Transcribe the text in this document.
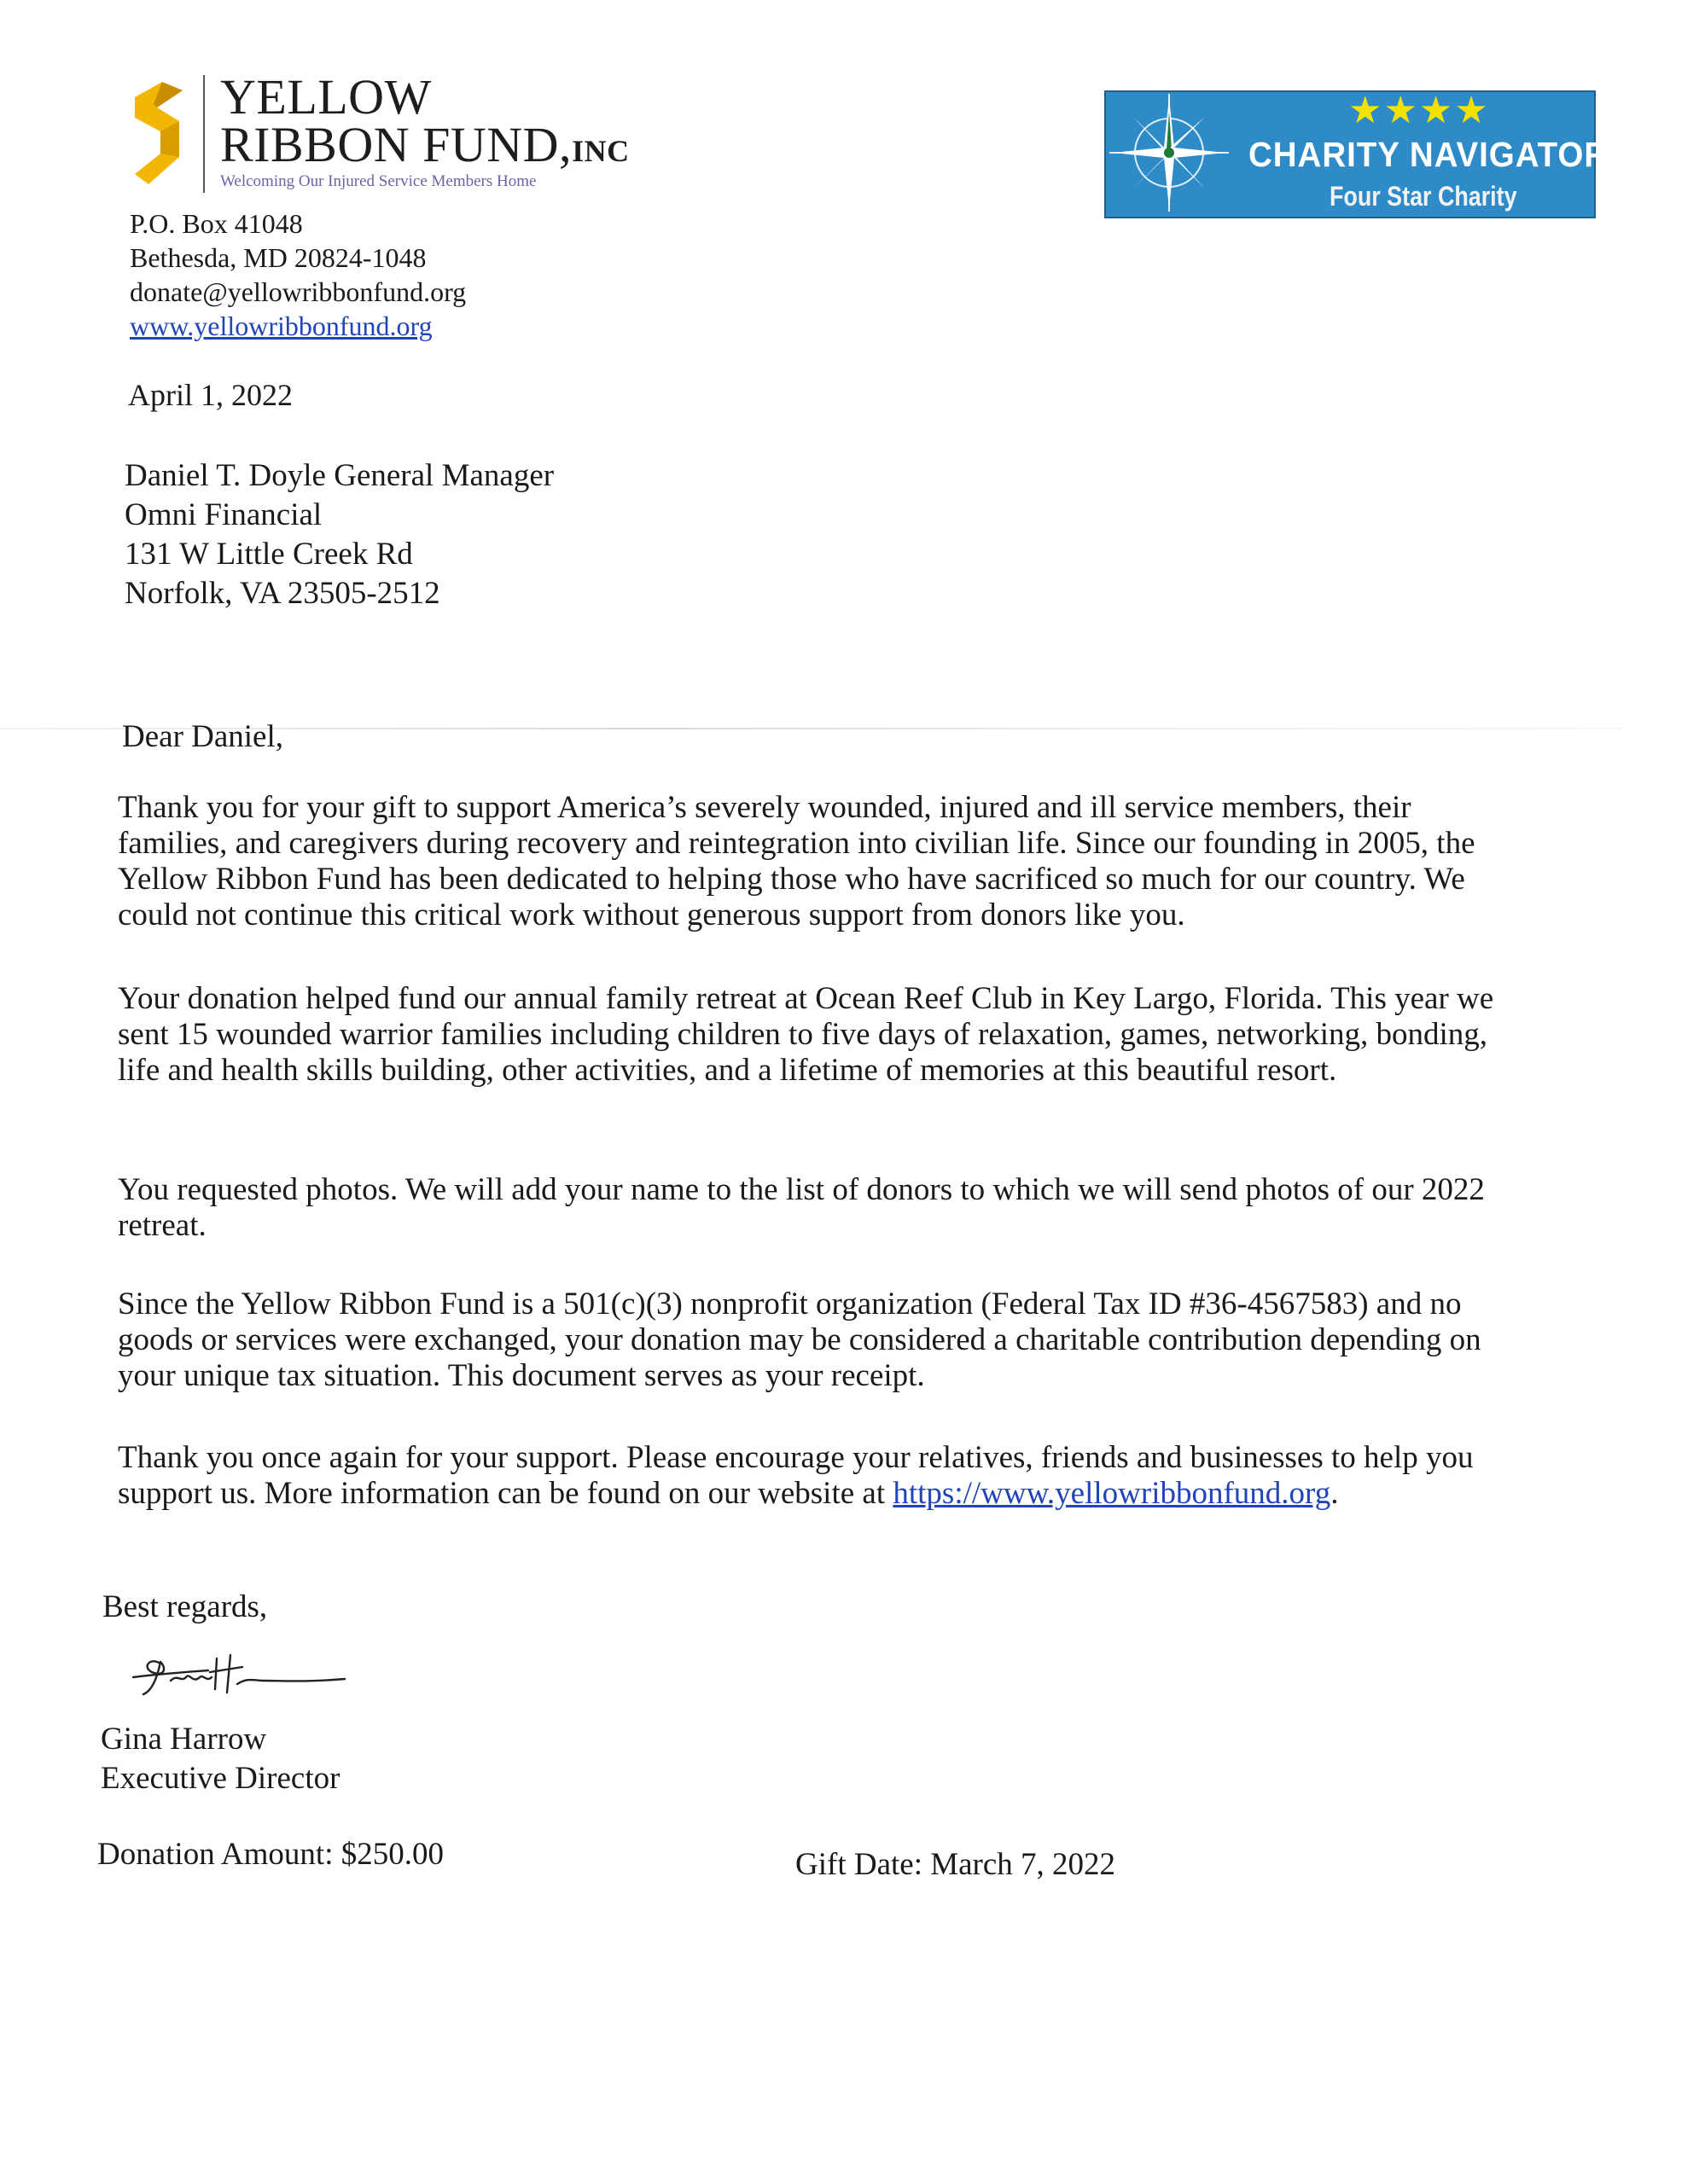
YELLOW
RIBBON FUND,INC
Welcoming Our Injured Service Members Home
P.O. Box 41048
Bethesda, MD 20824-1048
donate@yellowribbonfund.org
www.yellowribbonfund.org
★★★★
CHARITY NAVIGATOR
Four Star Charity
April 1, 2022
Daniel T. Doyle General Manager
Omni Financial
131 W Little Creek Rd
Norfolk, VA 23505-2512
Dear Daniel,
Thank you for your gift to support America’s severely wounded, injured and ill service members, their families, and caregivers during recovery and reintegration into civilian life. Since our founding in 2005, the Yellow Ribbon Fund has been dedicated to helping those who have sacrificed so much for our country. We could not continue this critical work without generous support from donors like you.
Your donation helped fund our annual family retreat at Ocean Reef Club in Key Largo, Florida. This year we sent 15 wounded warrior families including children to five days of relaxation, games, networking, bonding, life and health skills building, other activities, and a lifetime of memories at this beautiful resort.
You requested photos. We will add your name to the list of donors to which we will send photos of our 2022 retreat.
Since the Yellow Ribbon Fund is a 501(c)(3) nonprofit organization (Federal Tax ID #36-4567583) and no goods or services were exchanged, your donation may be considered a charitable contribution depending on your unique tax situation. This document serves as your receipt.
Thank you once again for your support. Please encourage your relatives, friends and businesses to help you support us. More information can be found on our website at https://www.yellowribbonfund.org.
Best regards,
Gina Harrow
Executive Director
Donation Amount: $250.00	Gift Date: March 7, 2022
